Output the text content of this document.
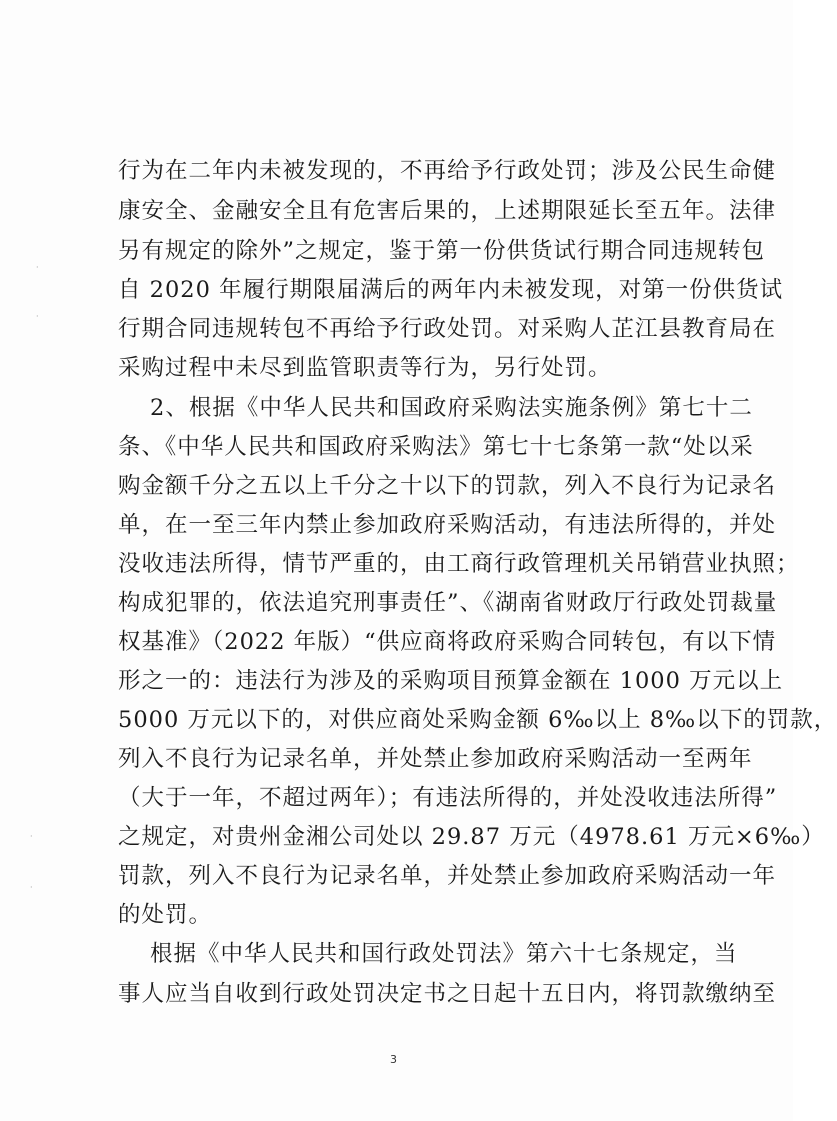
行为在二年内未被发现的，不再给予行政处罚；涉及公民生命健
康安全、金融安全且有危害后果的，上述期限延长至五年。法律
另有规定的除外”之规定，鉴于第一份供货试行期合同违规转包
自 2020 年履行期限届满后的两年内未被发现，对第一份供货试
行期合同违规转包不再给予行政处罚。对采购人芷江县教育局在
采购过程中未尽到监管职责等行为，另行处罚。
2、根据《中华人民共和国政府采购法实施条例》第七十二
条、《中华人民共和国政府采购法》第七十七条第一款“处以采
购金额千分之五以上千分之十以下的罚款，列入不良行为记录名
单，在一至三年内禁止参加政府采购活动，有违法所得的，并处
没收违法所得，情节严重的，由工商行政管理机关吊销营业执照；
构成犯罪的，依法追究刑事责任”、《湖南省财政厅行政处罚裁量
权基准》（2022 年版）“供应商将政府采购合同转包，有以下情
形之一的：违法行为涉及的采购项目预算金额在 1000 万元以上
5000 万元以下的，对供应商处采购金额 6‰以上 8‰以下的罚款，
列入不良行为记录名单，并处禁止参加政府采购活动一至两年
（大于一年，不超过两年）；有违法所得的，并处没收违法所得”
之规定，对贵州金湘公司处以 29.87 万元（4978.61 万元×6‰）
罚款，列入不良行为记录名单，并处禁止参加政府采购活动一年
的处罚。
根据《中华人民共和国行政处罚法》第六十七条规定，当
事人应当自收到行政处罚决定书之日起十五日内，将罚款缴纳至
3
·
·
·
·
